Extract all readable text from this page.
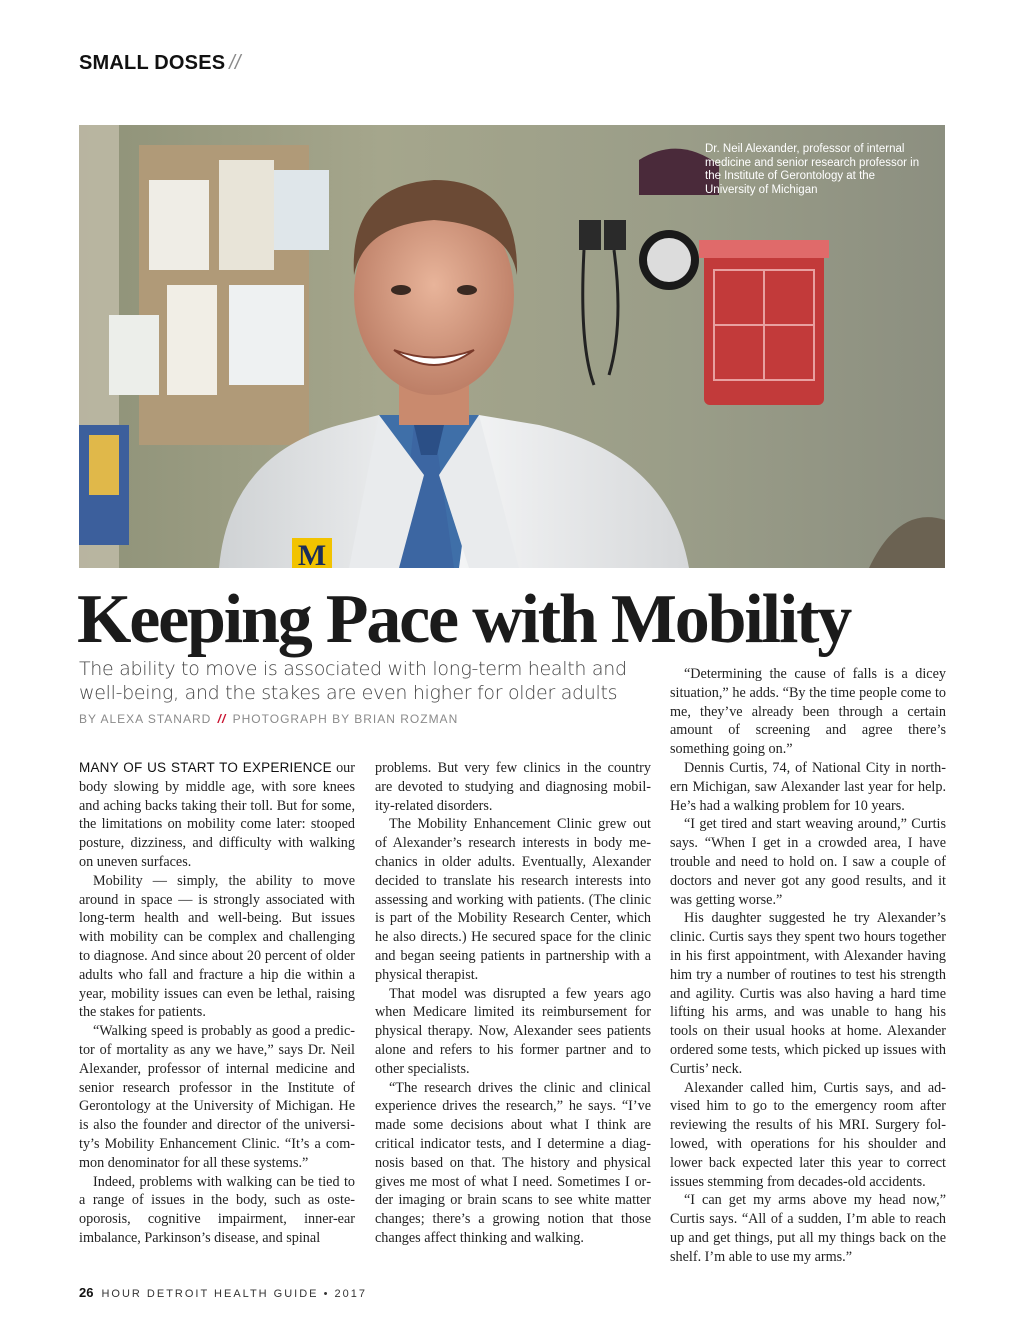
SMALL DOSES //
M
Dr. Neil Alexander, professor of internal medicine and senior research professor in the Institute of Gerontology at the University of Michigan
Keeping Pace with Mobility
The ability to move is associated with long-term health and well-being, and the stakes are even higher for older adults
BY ALEXA STANARD // PHOTOGRAPH BY BRIAN ROZMAN

MANY OF US START TO EXPERIENCE our body slowing by middle age, with sore knees and aching backs taking their toll. But for some, the limitations on mobility come later: stooped posture, dizziness, and difficulty with walking on uneven surfaces.

Mobility — simply, the ability to move around in space — is strongly associated with long-term health and well-being. But issues with mobility can be complex and challenging to diagnose. And since about 20 percent of older adults who fall and fracture a hip die within a year, mobility issues can even be lethal, raising the stakes for patients.

“Walking speed is probably as good a predictor of mortality as any we have,” says Dr. Neil Alexander, professor of internal medicine and senior research professor in the Institute of Gerontology at the University of Michigan. He is also the founder and director of the university’s Mobility Enhancement Clinic. “It’s a common denominator for all these systems.”

Indeed, problems with walking can be tied to a range of issues in the body, such as osteoporosis, cognitive impairment, inner-ear imbalance, Parkinson’s disease, and spinal

problems. But very few clinics in the country are devoted to studying and diagnosing mobility-related disorders.

The Mobility Enhancement Clinic grew out of Alexander’s research interests in body mechanics in older adults. Eventually, Alexander decided to translate his research interests into assessing and working with patients. (The clinic is part of the Mobility Research Center, which he also directs.) He secured space for the clinic and began seeing patients in partnership with a physical therapist.

That model was disrupted a few years ago when Medicare limited its reimbursement for physical therapy. Now, Alexander sees patients alone and refers to his former partner and to other specialists.

“The research drives the clinic and clinical experience drives the research,” he says. “I’ve made some decisions about what I think are critical indicator tests, and I determine a diagnosis based on that. The history and physical gives me most of what I need. Sometimes I order imaging or brain scans to see white matter changes; there’s a growing notion that those changes affect thinking and walking.

“Determining the cause of falls is a dicey situation,” he adds. “By the time people come to me, they’ve already been through a certain amount of screening and agree there’s something going on.”

Dennis Curtis, 74, of National City in northern Michigan, saw Alexander last year for help. He’s had a walking problem for 10 years.

“I get tired and start weaving around,” Curtis says. “When I get in a crowded area, I have trouble and need to hold on. I saw a couple of doctors and never got any good results, and it was getting worse.”

His daughter suggested he try Alexander’s clinic. Curtis says they spent two hours together in his first appointment, with Alexander having him try a number of routines to test his strength and agility. Curtis was also having a hard time lifting his arms, and was unable to hang his tools on their usual hooks at home. Alexander ordered some tests, which picked up issues with Curtis’ neck.

Alexander called him, Curtis says, and advised him to go to the emergency room after reviewing the results of his MRI. Surgery followed, with operations for his shoulder and lower back expected later this year to correct issues stemming from decades-old accidents.

“I can get my arms above my head now,” Curtis says. “All of a sudden, I’m able to reach up and get things, put all my things back on the shelf. I’m able to use my arms.”

26 HOUR DETROIT HEALTH GUIDE • 2017
